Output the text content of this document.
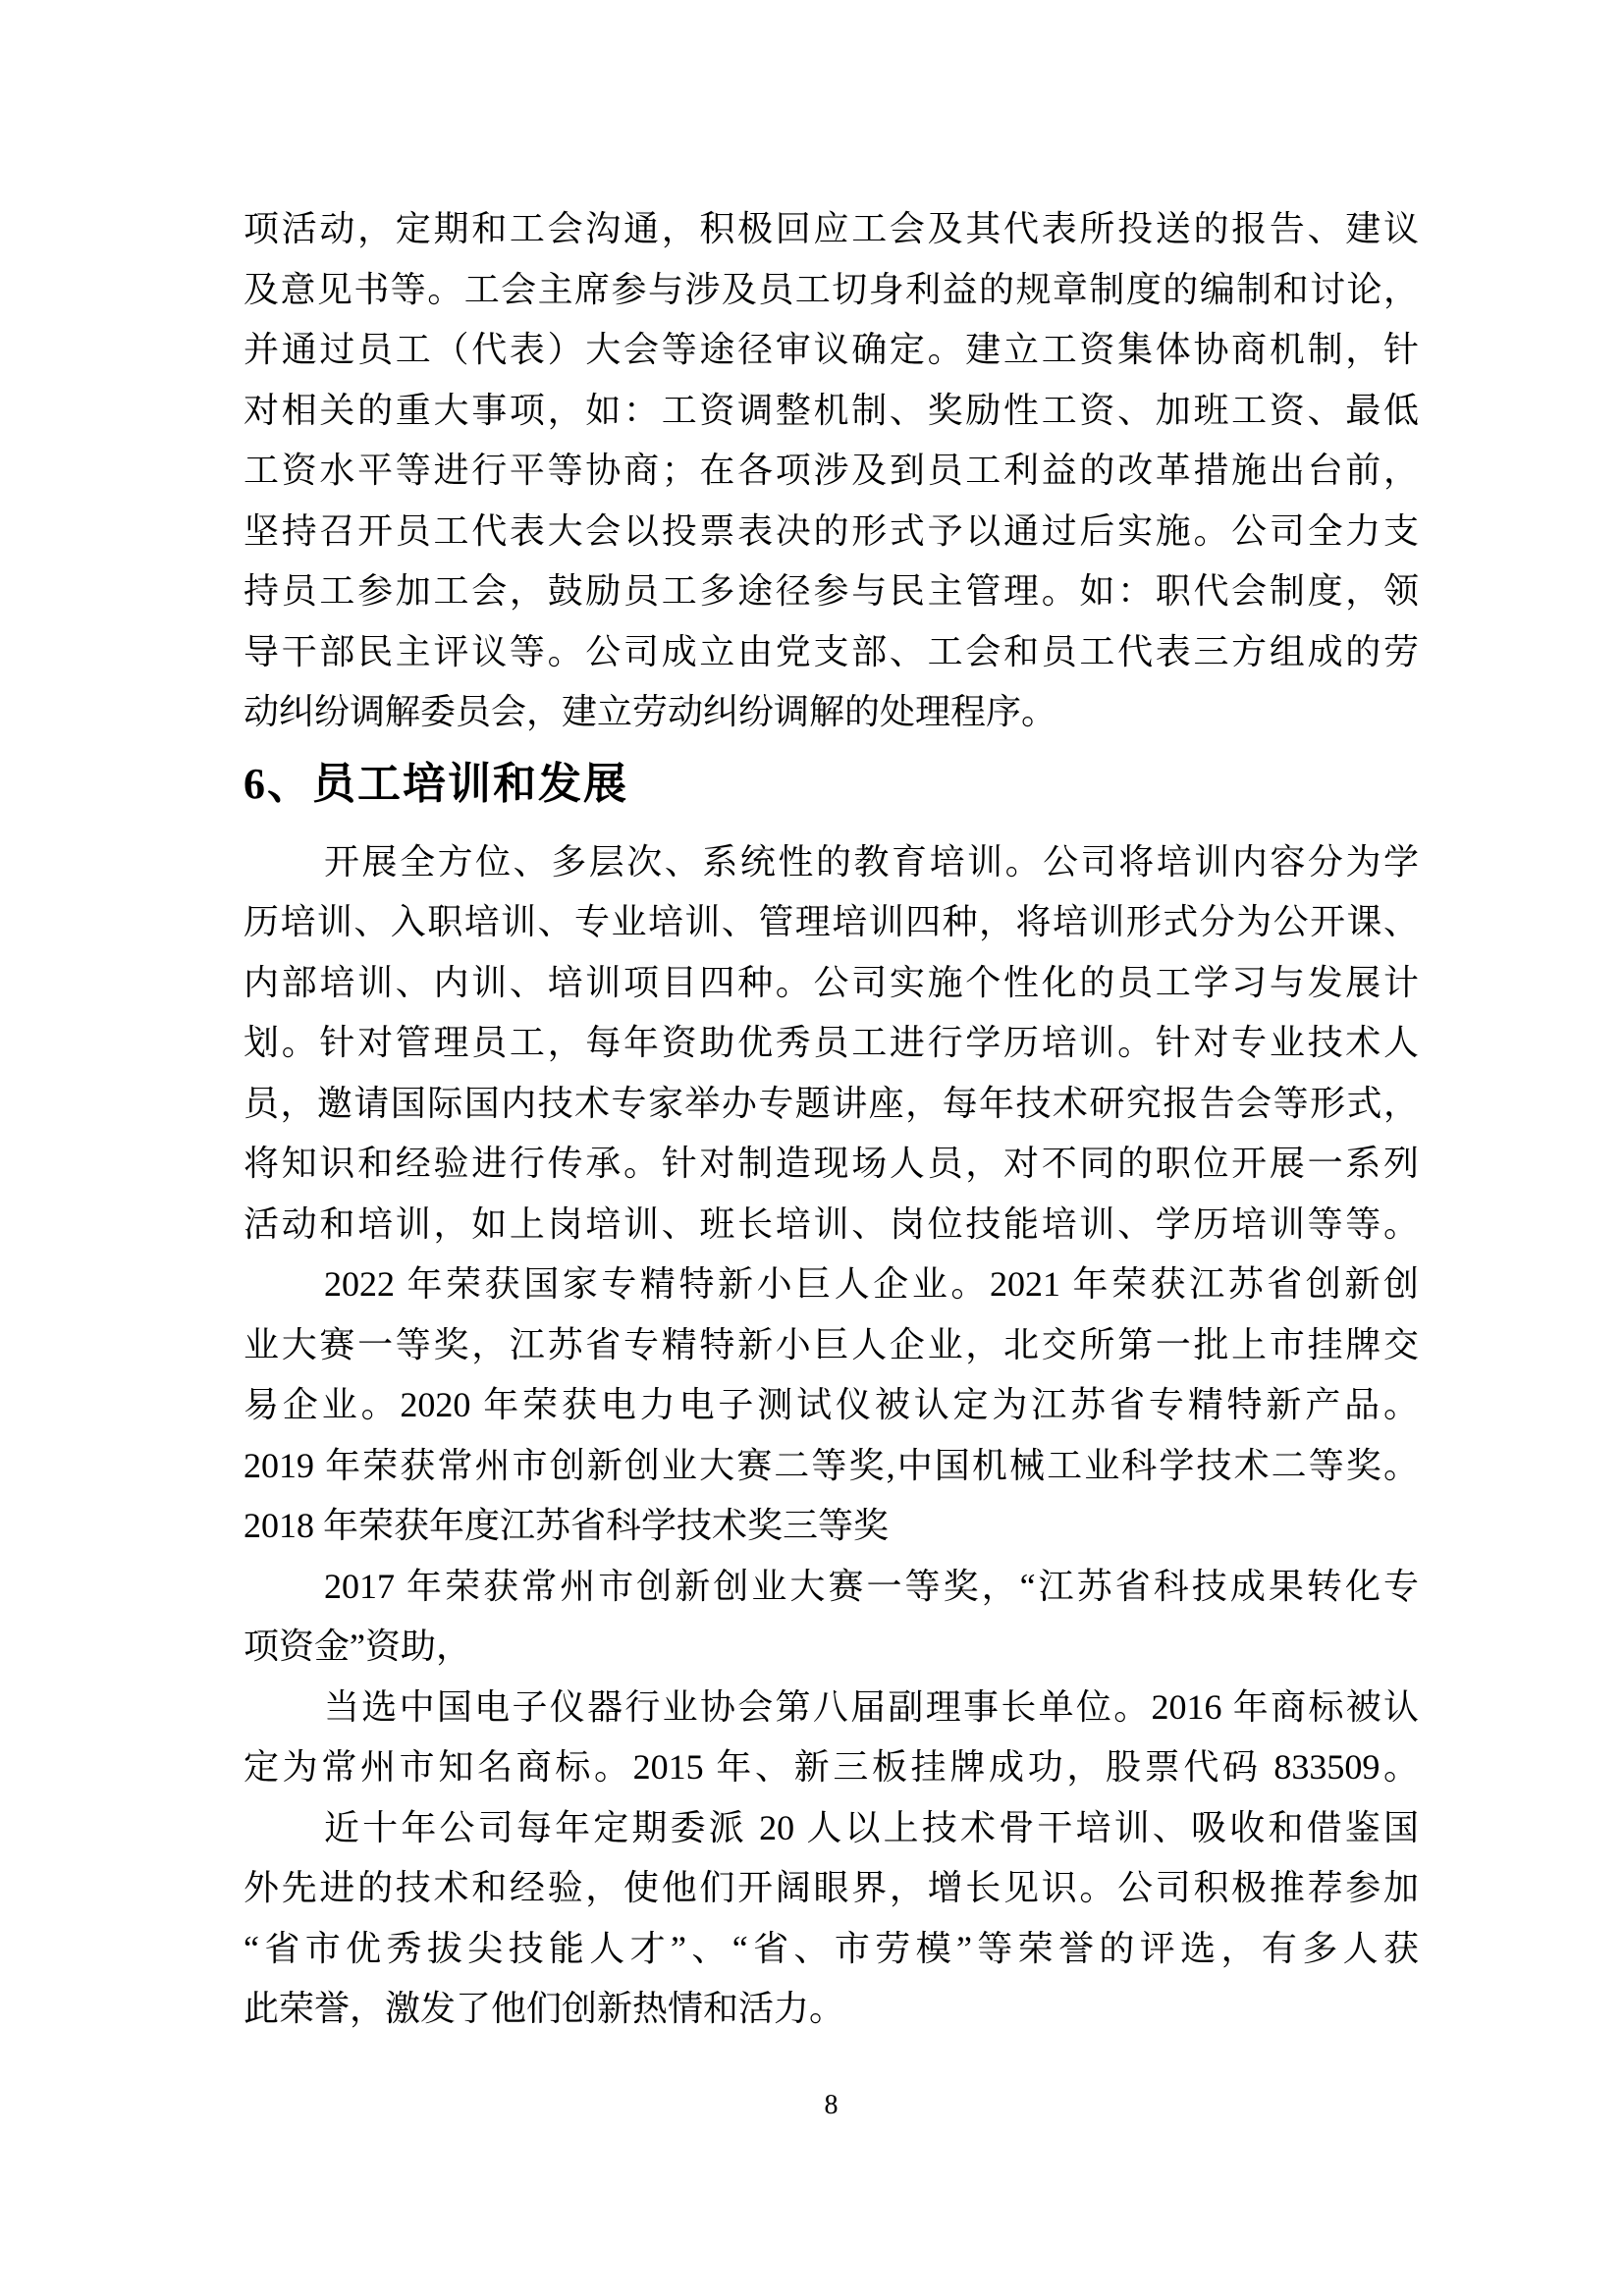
项活动，定期和工会沟通，积极回应工会及其代表所投送的报告、建议
及意见书等。工会主席参与涉及员工切身利益的规章制度的编制和讨论，
并通过员工（代表）大会等途径审议确定。建立工资集体协商机制，针
对相关的重大事项，如：工资调整机制、奖励性工资、加班工资、最低
工资水平等进行平等协商；在各项涉及到员工利益的改革措施出台前，
坚持召开员工代表大会以投票表决的形式予以通过后实施。公司全力支
持员工参加工会，鼓励员工多途径参与民主管理。如：职代会制度，领
导干部民主评议等。公司成立由党支部、工会和员工代表三方组成的劳
动纠纷调解委员会，建立劳动纠纷调解的处理程序。
6、员工培训和发展
开展全方位、多层次、系统性的教育培训。公司将培训内容分为学
历培训、入职培训、专业培训、管理培训四种，将培训形式分为公开课、
内部培训、内训、培训项目四种。公司实施个性化的员工学习与发展计
划。针对管理员工，每年资助优秀员工进行学历培训。针对专业技术人
员，邀请国际国内技术专家举办专题讲座，每年技术研究报告会等形式，
将知识和经验进行传承。针对制造现场人员，对不同的职位开展一系列
活动和培训，如上岗培训、班长培训、岗位技能培训、学历培训等等。
2022 年荣获国家专精特新小巨人企业。2021 年荣获江苏省创新创
业大赛一等奖，江苏省专精特新小巨人企业，北交所第一批上市挂牌交
易企业。2020 年荣获电力电子测试仪被认定为江苏省专精特新产品。
2019 年荣获常州市创新创业大赛二等奖,中国机械工业科学技术二等奖。
2018 年荣获年度江苏省科学技术奖三等奖
2017 年荣获常州市创新创业大赛一等奖，“江苏省科技成果转化专
项资金”资助，
当选中国电子仪器行业协会第八届副理事长单位。2016 年商标被认
定为常州市知名商标。2015 年、新三板挂牌成功，股票代码 833509。
近十年公司每年定期委派 20 人以上技术骨干培训、吸收和借鉴国
外先进的技术和经验，使他们开阔眼界，增长见识。公司积极推荐参加
“省市优秀拔尖技能人才”、“省、市劳模”等荣誉的评选，有多人获
此荣誉，激发了他们创新热情和活力。
8
